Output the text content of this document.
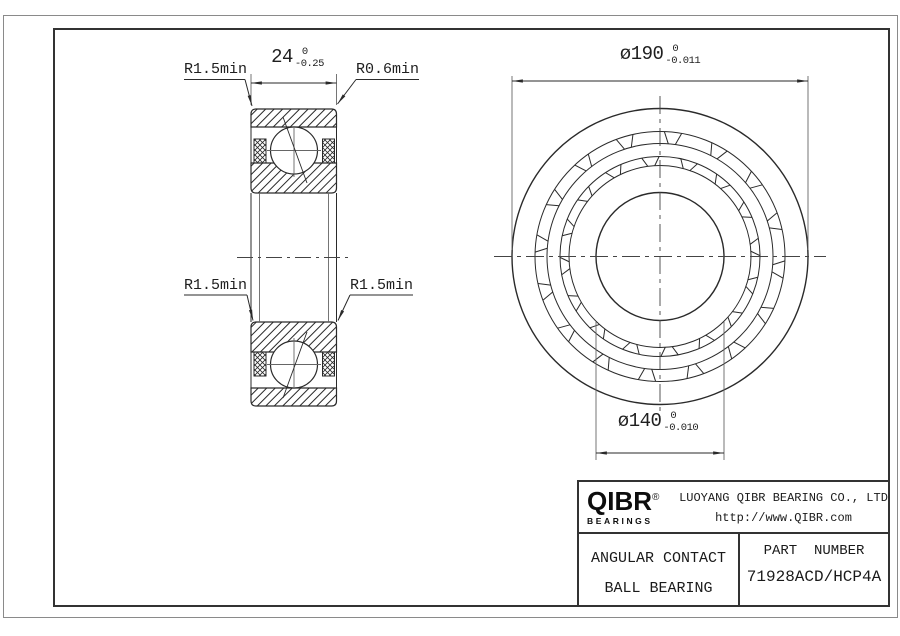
R1.5min
24 0
-0.25 R0.6min
R1.5min	R1.5min
ø 190 0
-0.011
ø 140 0
-0.010
QIBR®
BEARINGS
LUOYANG QIBR BEARING CO., LTD
http://www.QIBR.com
ANGULAR CONTACT
BALL BEARING
PART  NUMBER
71928ACD/HCP4A
